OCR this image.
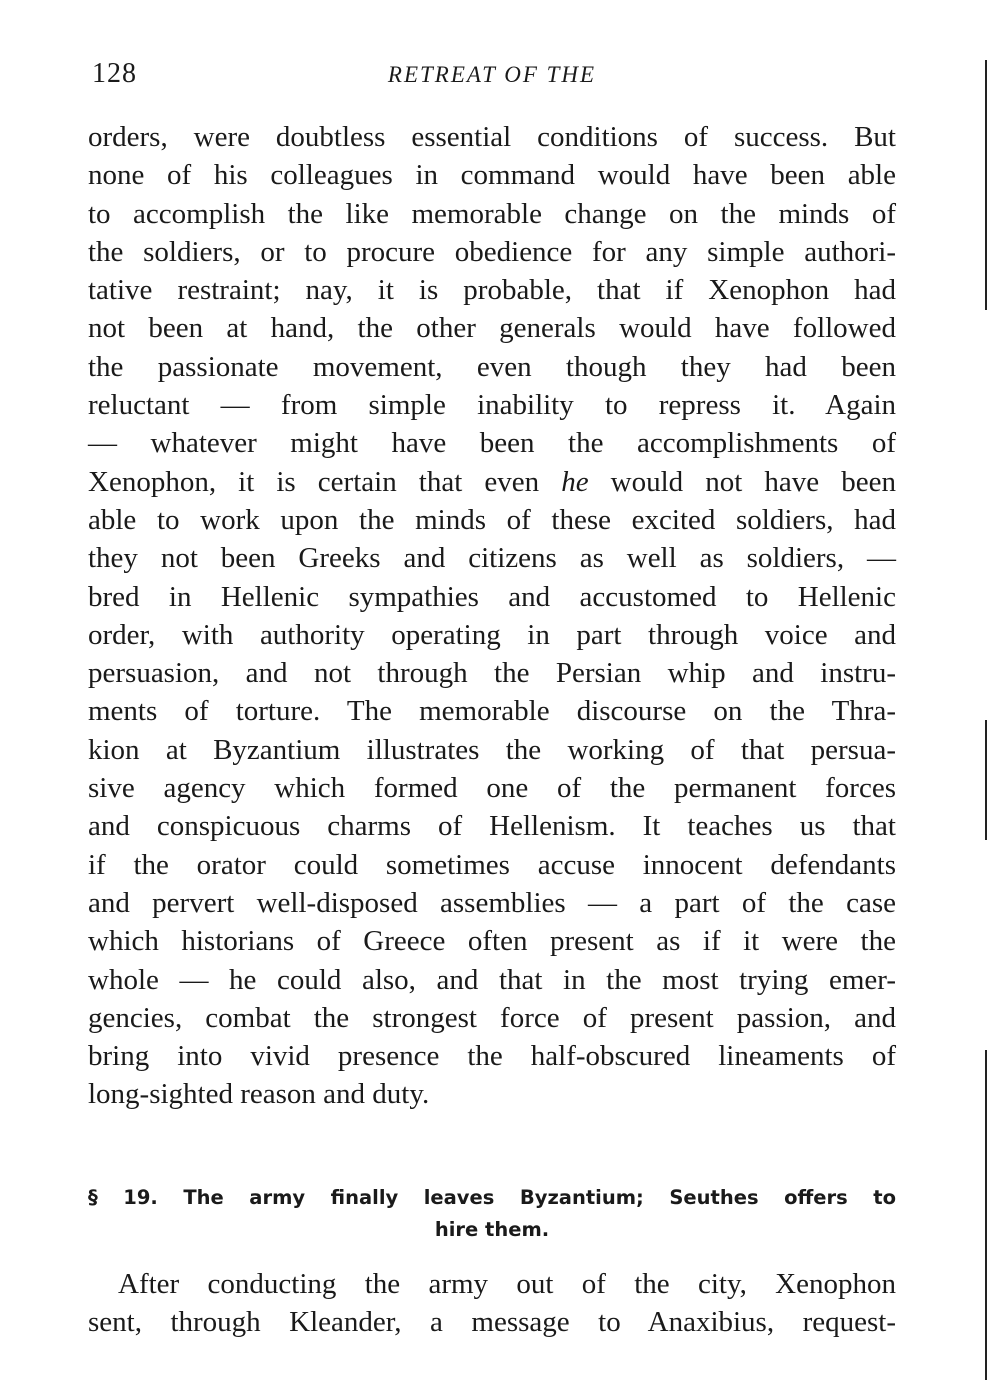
128	RETREAT OF THE

orders, were doubtless essential conditions of success. But
none of his colleagues in command would have been able
to accomplish the like memorable change on the minds of
the soldiers, or to procure obedience for any simple authori-
tative restraint; nay, it is probable, that if Xenophon had
not been at hand, the other generals would have followed
the passionate movement, even though they had been
reluctant — from simple inability to repress it. Again
— whatever might have been the accomplishments of
Xenophon, it is certain that even he would not have been
able to work upon the minds of these excited soldiers, had
they not been Greeks and citizens as well as soldiers, —
bred in Hellenic sympathies and accustomed to Hellenic
order, with authority operating in part through voice and
persuasion, and not through the Persian whip and instru-
ments of torture. The memorable discourse on the Thra-
kion at Byzantium illustrates the working of that persua-
sive agency which formed one of the permanent forces
and conspicuous charms of Hellenism. It teaches us that
if the orator could sometimes accuse innocent defendants
and pervert well-disposed assemblies — a part of the case
which historians of Greece often present as if it were the
whole — he could also, and that in the most trying emer-
gencies, combat the strongest force of present passion, and
bring into vivid presence the half-obscured lineaments of
long-sighted reason and duty.

§ 19. The army finally leaves Byzantium; Seuthes offers to
hire them.

After conducting the army out of the city, Xenophon
sent, through Kleander, a message to Anaxibius, request-
